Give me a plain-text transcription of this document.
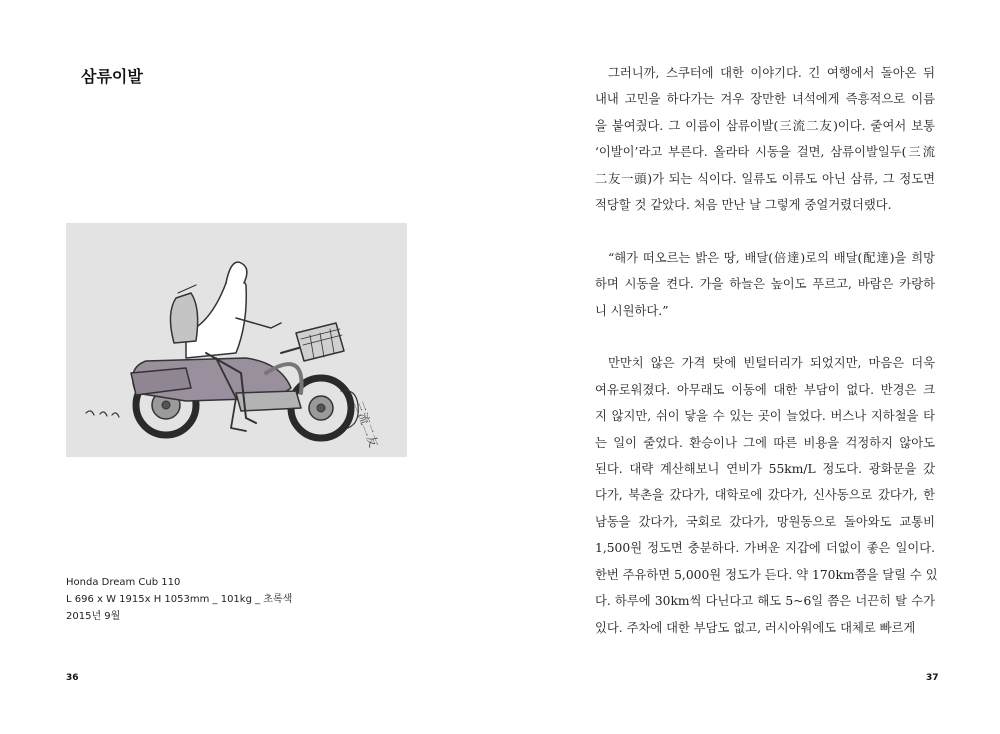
삼류이발
三流二友
Honda Dream Cub 110
L 696 x W 1915x H 1053mm _ 101kg _ 초록색
2015년 9월
36
그러니까, 스쿠터에 대한 이야기다. 긴 여행에서 돌아온 뒤
내내 고민을 하다가는 겨우 장만한 녀석에게 즉흥적으로 이름
을 붙여줬다. 그 이름이 삼류이발(三流二友)이다. 줄여서 보통
‘이발이’라고 부른다. 올라타 시동을 걸면, 삼류이발일두(三流
二友一頭)가 되는 식이다. 일류도 이류도 아닌 삼류, 그 정도면
적당할 것 같았다. 처음 만난 날 그렇게 중얼거렸더랬다.
“해가 떠오르는 밝은 땅, 배달(倍達)로의 배달(配達)을 희망
하며 시동을 켠다. 가을 하늘은 높이도 푸르고, 바람은 카랑하
니 시원하다.”
만만치 않은 가격 탓에 빈털터리가 되었지만, 마음은 더욱
여유로워졌다. 아무래도 이동에 대한 부담이 없다. 반경은 크
지 않지만, 쉬이 닿을 수 있는 곳이 늘었다. 버스나 지하철을 타
는 일이 줄었다. 환승이나 그에 따른 비용을 걱정하지 않아도
된다. 대략 계산해보니 연비가 55km/L 정도다. 광화문을 갔
다가, 북촌을 갔다가, 대학로에 갔다가, 신사동으로 갔다가, 한
남동을 갔다가, 국회로 갔다가, 망원동으로 돌아와도 교통비
1,500원 정도면 충분하다. 가벼운 지갑에 더없이 좋은 일이다.
한번 주유하면 5,000원 정도가 든다. 약 170km쯤을 달릴 수 있
다. 하루에 30km씩 다닌다고 해도 5~6일 쯤은 너끈히 탈 수가
있다. 주차에 대한 부담도 없고, 러시아워에도 대체로 빠르게
37
